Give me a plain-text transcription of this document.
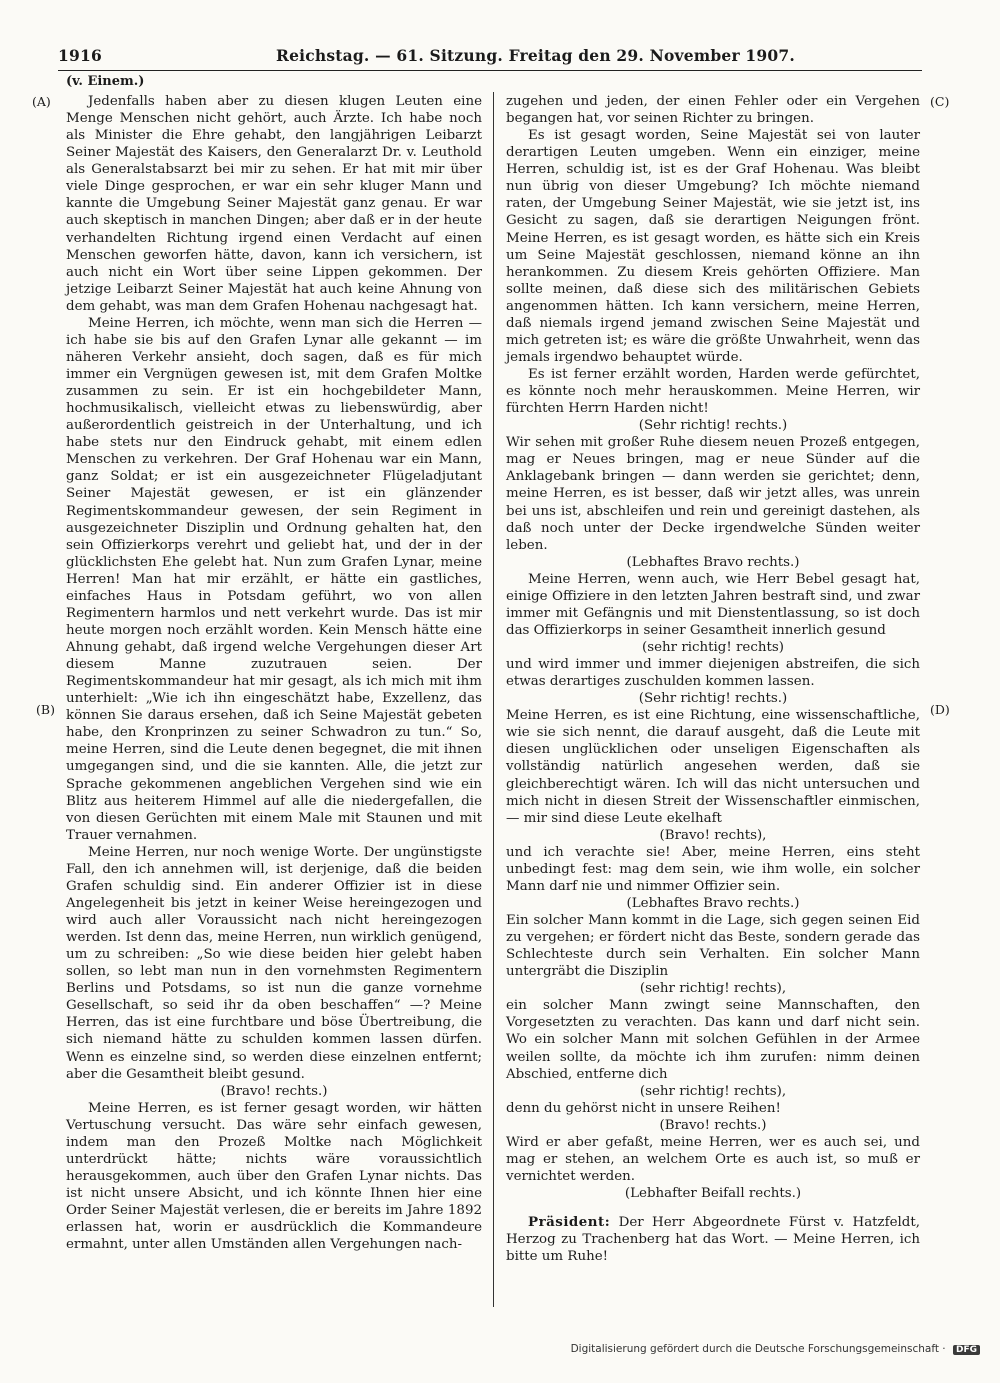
1916	Reichstag. — 61. Sitzung. Freitag den 29. November 1907.
(v. Einem.)
(A)
(B)
(C)
(D)

Jedenfalls haben aber zu diesen klugen Leuten eine Menge Menschen nicht gehört, auch Ärzte. Ich habe noch als Minister die Ehre gehabt, den langjährigen Leibarzt Seiner Majestät des Kaisers, den Generalarzt Dr. v. Leuthold als Generalstabsarzt bei mir zu sehen. Er hat mit mir über viele Dinge gesprochen, er war ein sehr kluger Mann und kannte die Umgebung Seiner Majestät ganz genau. Er war auch skeptisch in manchen Dingen; aber daß er in der heute verhandelten Richtung irgend einen Verdacht auf einen Menschen geworfen hätte, davon, kann ich versichern, ist auch nicht ein Wort über seine Lippen gekommen. Der jetzige Leibarzt Seiner Majestät hat auch keine Ahnung von dem gehabt, was man dem Grafen Hohenau nachgesagt hat.

Meine Herren, ich möchte, wenn man sich die Herren — ich habe sie bis auf den Grafen Lynar alle gekannt — im näheren Verkehr ansieht, doch sagen, daß es für mich immer ein Vergnügen gewesen ist, mit dem Grafen Moltke zusammen zu sein. Er ist ein hochgebildeter Mann, hochmusikalisch, vielleicht etwas zu liebenswürdig, aber außerordentlich geistreich in der Unterhaltung, und ich habe stets nur den Eindruck gehabt, mit einem edlen Menschen zu verkehren. Der Graf Hohenau war ein Mann, ganz Soldat; er ist ein ausgezeichneter Flügeladjutant Seiner Majestät gewesen, er ist ein glänzender Regimentskommandeur gewesen, der sein Regiment in ausgezeichneter Disziplin und Ordnung gehalten hat, den sein Offizierkorps verehrt und geliebt hat, und der in der glücklichsten Ehe gelebt hat. Nun zum Grafen Lynar, meine Herren! Man hat mir erzählt, er hätte ein gastliches, einfaches Haus in Potsdam geführt, wo von allen Regimentern harmlos und nett verkehrt wurde. Das ist mir heute morgen noch erzählt worden. Kein Mensch hätte eine Ahnung gehabt, daß irgend welche Vergehungen dieser Art diesem Manne zuzutrauen seien. Der Regimentskommandeur hat mir gesagt, als ich mich mit ihm unterhielt: „Wie ich ihn eingeschätzt habe, Exzellenz, das können Sie daraus ersehen, daß ich Seine Majestät gebeten habe, den Kronprinzen zu seiner Schwadron zu tun.“ So, meine Herren, sind die Leute denen begegnet, die mit ihnen umgegangen sind, und die sie kannten. Alle, die jetzt zur Sprache gekommenen angeblichen Vergehen sind wie ein Blitz aus heiterem Himmel auf alle die niedergefallen, die von diesen Gerüchten mit einem Male mit Staunen und mit Trauer vernahmen.

Meine Herren, nur noch wenige Worte. Der ungünstigste Fall, den ich annehmen will, ist derjenige, daß die beiden Grafen schuldig sind. Ein anderer Offizier ist in diese Angelegenheit bis jetzt in keiner Weise hereingezogen und wird auch aller Voraussicht nach nicht hereingezogen werden. Ist denn das, meine Herren, nun wirklich genügend, um zu schreiben: „So wie diese beiden hier gelebt haben sollen, so lebt man nun in den vornehmsten Regimentern Berlins und Potsdams, so ist nun die ganze vornehme Gesellschaft, so seid ihr da oben beschaffen“ —? Meine Herren, das ist eine furchtbare und böse Übertreibung, die sich niemand hätte zu schulden kommen lassen dürfen. Wenn es einzelne sind, so werden diese einzelnen entfernt; aber die Gesamtheit bleibt gesund.

(Bravo! rechts.)

Meine Herren, es ist ferner gesagt worden, wir hätten Vertuschung versucht. Das wäre sehr einfach gewesen, indem man den Prozeß Moltke nach Möglichkeit unterdrückt hätte; nichts wäre voraussichtlich herausgekommen, auch über den Grafen Lynar nichts. Das ist nicht unsere Absicht, und ich könnte Ihnen hier eine Order Seiner Majestät verlesen, die er bereits im Jahre 1892 erlassen hat, worin er ausdrücklich die Kommandeure ermahnt, unter allen Umständen allen Vergehungen nach-

zugehen und jeden, der einen Fehler oder ein Vergehen begangen hat, vor seinen Richter zu bringen.

Es ist gesagt worden, Seine Majestät sei von lauter derartigen Leuten umgeben. Wenn ein einziger, meine Herren, schuldig ist, ist es der Graf Hohenau. Was bleibt nun übrig von dieser Umgebung? Ich möchte niemand raten, der Umgebung Seiner Majestät, wie sie jetzt ist, ins Gesicht zu sagen, daß sie derartigen Neigungen frönt. Meine Herren, es ist gesagt worden, es hätte sich ein Kreis um Seine Majestät geschlossen, niemand könne an ihn herankommen. Zu diesem Kreis gehörten Offiziere. Man sollte meinen, daß diese sich des militärischen Gebiets angenommen hätten. Ich kann versichern, meine Herren, daß niemals irgend jemand zwischen Seine Majestät und mich getreten ist; es wäre die größte Unwahrheit, wenn das jemals irgendwo behauptet würde.

Es ist ferner erzählt worden, Harden werde gefürchtet, es könnte noch mehr herauskommen. Meine Herren, wir fürchten Herrn Harden nicht!

(Sehr richtig! rechts.)

Wir sehen mit großer Ruhe diesem neuen Prozeß entgegen, mag er Neues bringen, mag er neue Sünder auf die Anklagebank bringen — dann werden sie gerichtet; denn, meine Herren, es ist besser, daß wir jetzt alles, was unrein bei uns ist, abschleifen und rein und gereinigt dastehen, als daß noch unter der Decke irgendwelche Sünden weiter leben.

(Lebhaftes Bravo rechts.)

Meine Herren, wenn auch, wie Herr Bebel gesagt hat, einige Offiziere in den letzten Jahren bestraft sind, und zwar immer mit Gefängnis und mit Dienstentlassung, so ist doch das Offizierkorps in seiner Gesamtheit innerlich gesund

(sehr richtig! rechts)

und wird immer und immer diejenigen abstreifen, die sich etwas derartiges zuschulden kommen lassen.

(Sehr richtig! rechts.)

Meine Herren, es ist eine Richtung, eine wissenschaftliche, wie sie sich nennt, die darauf ausgeht, daß die Leute mit diesen unglücklichen oder unseligen Eigenschaften als vollständig natürlich angesehen werden, daß sie gleichberechtigt wären. Ich will das nicht untersuchen und mich nicht in diesen Streit der Wissenschaftler einmischen, — mir sind diese Leute ekelhaft

(Bravo! rechts),

und ich verachte sie! Aber, meine Herren, eins steht unbedingt fest: mag dem sein, wie ihm wolle, ein solcher Mann darf nie und nimmer Offizier sein.

(Lebhaftes Bravo rechts.)

Ein solcher Mann kommt in die Lage, sich gegen seinen Eid zu vergehen; er fördert nicht das Beste, sondern gerade das Schlechteste durch sein Verhalten. Ein solcher Mann untergräbt die Disziplin

(sehr richtig! rechts),

ein solcher Mann zwingt seine Mannschaften, den Vorgesetzten zu verachten. Das kann und darf nicht sein. Wo ein solcher Mann mit solchen Gefühlen in der Armee weilen sollte, da möchte ich ihm zurufen: nimm deinen Abschied, entferne dich

(sehr richtig! rechts),

denn du gehörst nicht in unsere Reihen!

(Bravo! rechts.)

Wird er aber gefaßt, meine Herren, wer es auch sei, und mag er stehen, an welchem Orte es auch ist, so muß er vernichtet werden.

(Lebhafter Beifall rechts.)

Präsident: Der Herr Abgeordnete Fürst v. Hatzfeldt, Herzog zu Trachenberg hat das Wort. — Meine Herren, ich bitte um Ruhe!

Digitalisierung gefördert durch die Deutsche Forschungsgemeinschaft · DFG
